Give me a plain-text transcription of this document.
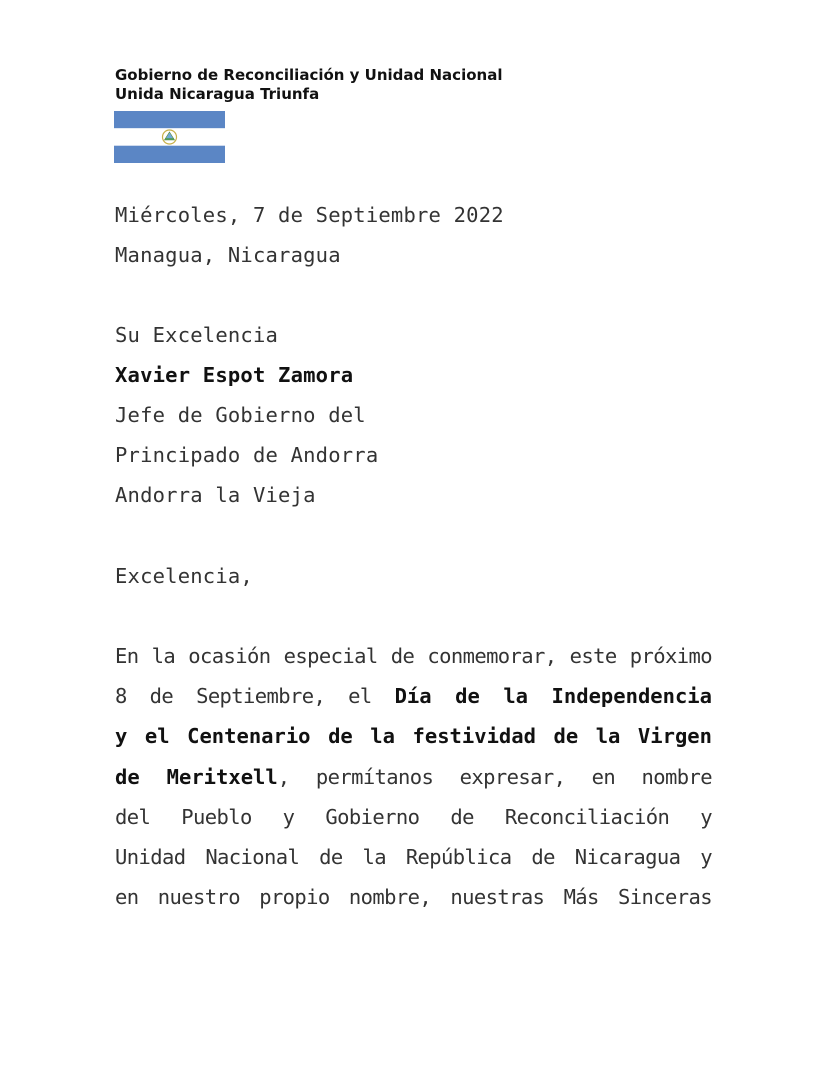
Gobierno de Reconciliación y Unidad Nacional
Unida Nicaragua Triunfa
Miércoles, 7 de Septiembre 2022
Managua, Nicaragua
Su Excelencia
Xavier Espot Zamora
Jefe de Gobierno del
Principado de Andorra
Andorra la Vieja
Excelencia,
En la ocasión especial de conmemorar, este próximo
8 de Septiembre, el Día de la Independencia
y el Centenario de la festividad de la Virgen
de Meritxell, permítanos expresar, en nombre
del Pueblo y Gobierno de Reconciliación y
Unidad Nacional de la República de Nicaragua y
en nuestro propio nombre, nuestras Más Sinceras
